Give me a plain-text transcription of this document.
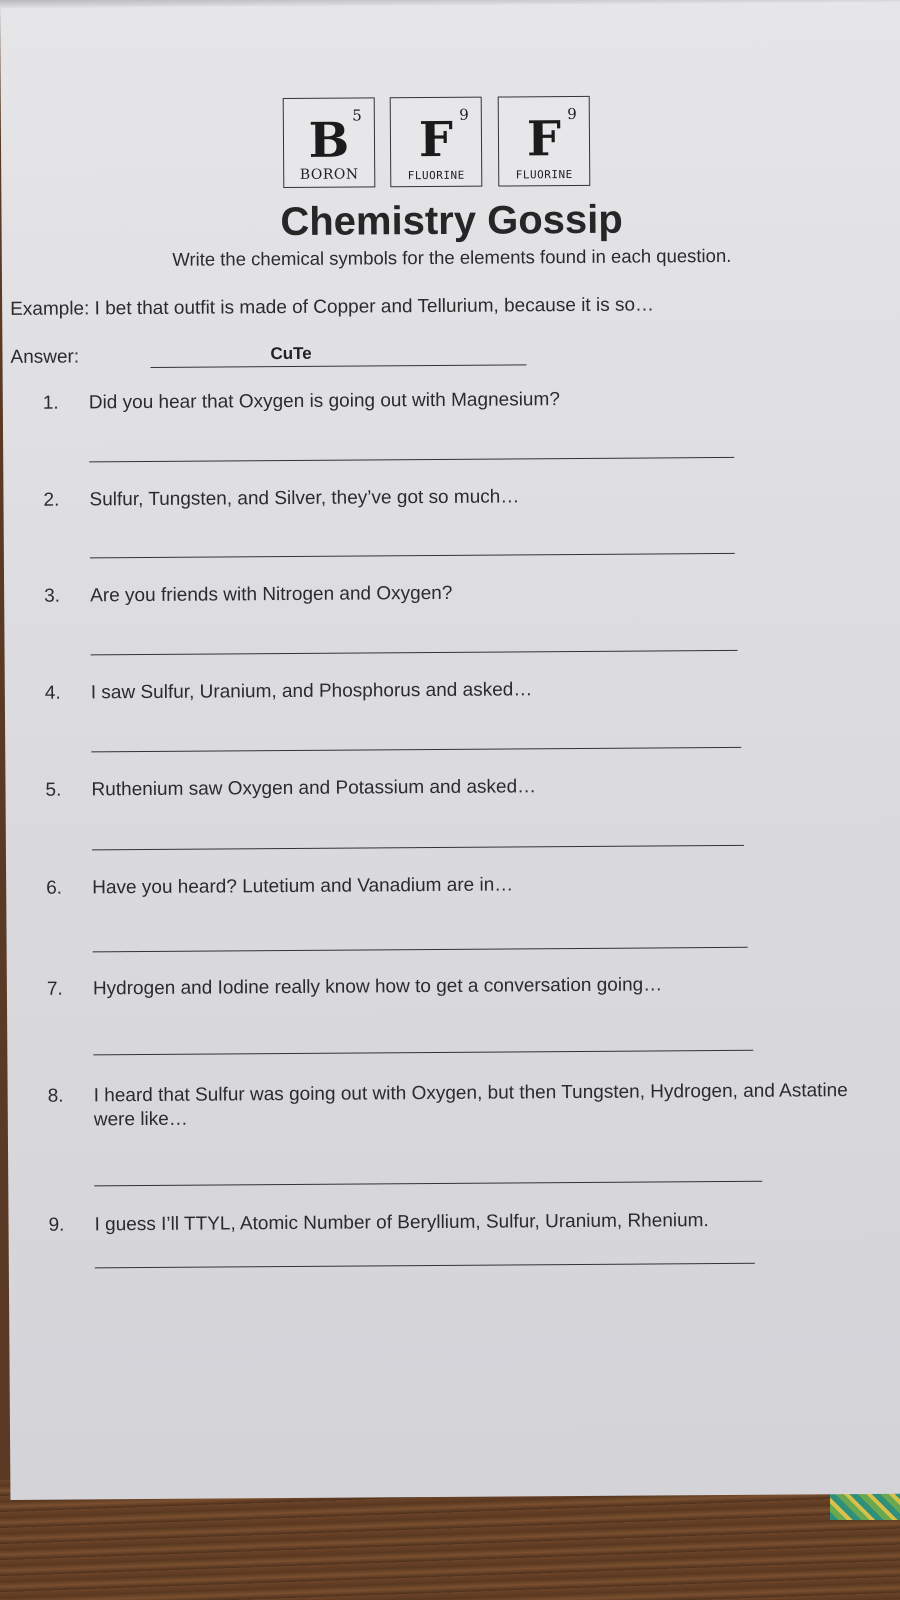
5
B
BORON
9
F
FLUORINE
9
F
FLUORINE
Chemistry Gossip
Write the chemical symbols for the elements found in each question.
Example: I bet that outfit is made of Copper and Tellurium, because it is so…
Answer:	CuTe
1.	Did you hear that Oxygen is going out with Magnesium?
2.	Sulfur, Tungsten, and Silver, they’ve got so much…
3.	Are you friends with Nitrogen and Oxygen?
4.	I saw Sulfur, Uranium, and Phosphorus and asked…
5.	Ruthenium saw Oxygen and Potassium and asked…
6.	Have you heard? Lutetium and Vanadium are in…
7.	Hydrogen and Iodine really know how to get a conversation going…
8.	I heard that Sulfur was going out with Oxygen, but then Tungsten, Hydrogen, and Astatine were like…
9.	I guess I’ll TTYL, Atomic Number of Beryllium, Sulfur, Uranium, Rhenium.
